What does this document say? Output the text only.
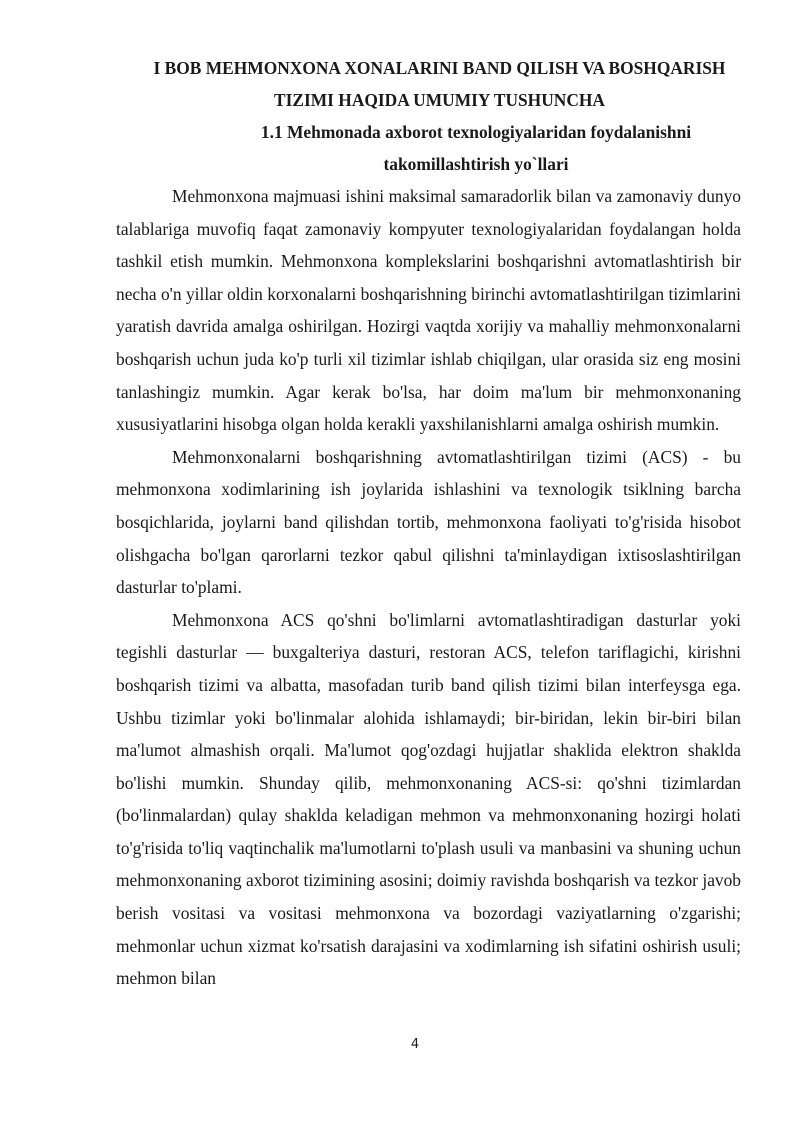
I BOB MEHMONXONA XONALARINI BAND QILISH VA BOSHQARISH TIZIMI HAQIDA UMUMIY TUSHUNCHA
1.1 Mehmonada axborot texnologiyalaridan foydalanishni takomillashtirish yo`llari

Mehmonxona majmuasi ishini maksimal samaradorlik bilan va zamonaviy dunyo talablariga muvofiq faqat zamonaviy kompyuter texnologiyalaridan foydalangan holda tashkil etish mumkin. Mehmonxona komplekslarini boshqarishni avtomatlashtirish bir necha o'n yillar oldin korxonalarni boshqarishning birinchi avtomatlashtirilgan tizimlarini yaratish davrida amalga oshirilgan. Hozirgi vaqtda xorijiy va mahalliy mehmonxonalarni boshqarish uchun juda ko'p turli xil tizimlar ishlab chiqilgan, ular orasida siz eng mosini tanlashingiz mumkin. Agar kerak bo'lsa, har doim ma'lum bir mehmonxonaning xususiyatlarini hisobga olgan holda kerakli yaxshilanishlarni amalga oshirish mumkin.

Mehmonxonalarni boshqarishning avtomatlashtirilgan tizimi (ACS) - bu mehmonxona xodimlarining ish joylarida ishlashini va texnologik tsiklning barcha bosqichlarida, joylarni band qilishdan tortib, mehmonxona faoliyati to'g'risida hisobot olishgacha bo'lgan qarorlarni tezkor qabul qilishni ta'minlaydigan ixtisoslashtirilgan dasturlar to'plami.

Mehmonxona ACS qo'shni bo'limlarni avtomatlashtiradigan dasturlar yoki tegishli dasturlar — buxgalteriya dasturi, restoran ACS, telefon tariflagichi, kirishni boshqarish tizimi va albatta, masofadan turib band qilish tizimi bilan interfeysga ega. Ushbu tizimlar yoki bo'linmalar alohida ishlamaydi; bir-biridan, lekin bir-biri bilan ma'lumot almashish orqali. Ma'lumot qog'ozdagi hujjatlar shaklida elektron shaklda bo'lishi mumkin. Shunday qilib, mehmonxonaning ACS-si: qo'shni tizimlardan (bo'linmalardan) qulay shaklda keladigan mehmon va mehmonxonaning hozirgi holati to'g'risida to'liq vaqtinchalik ma'lumotlarni to'plash usuli va manbasini va shuning uchun mehmonxonaning axborot tizimining asosini; doimiy ravishda boshqarish va tezkor javob berish vositasi va vositasi mehmonxona va bozordagi vaziyatlarning o'zgarishi; mehmonlar uchun xizmat ko'rsatish darajasini va xodimlarning ish sifatini oshirish usuli; mehmon bilan

4
